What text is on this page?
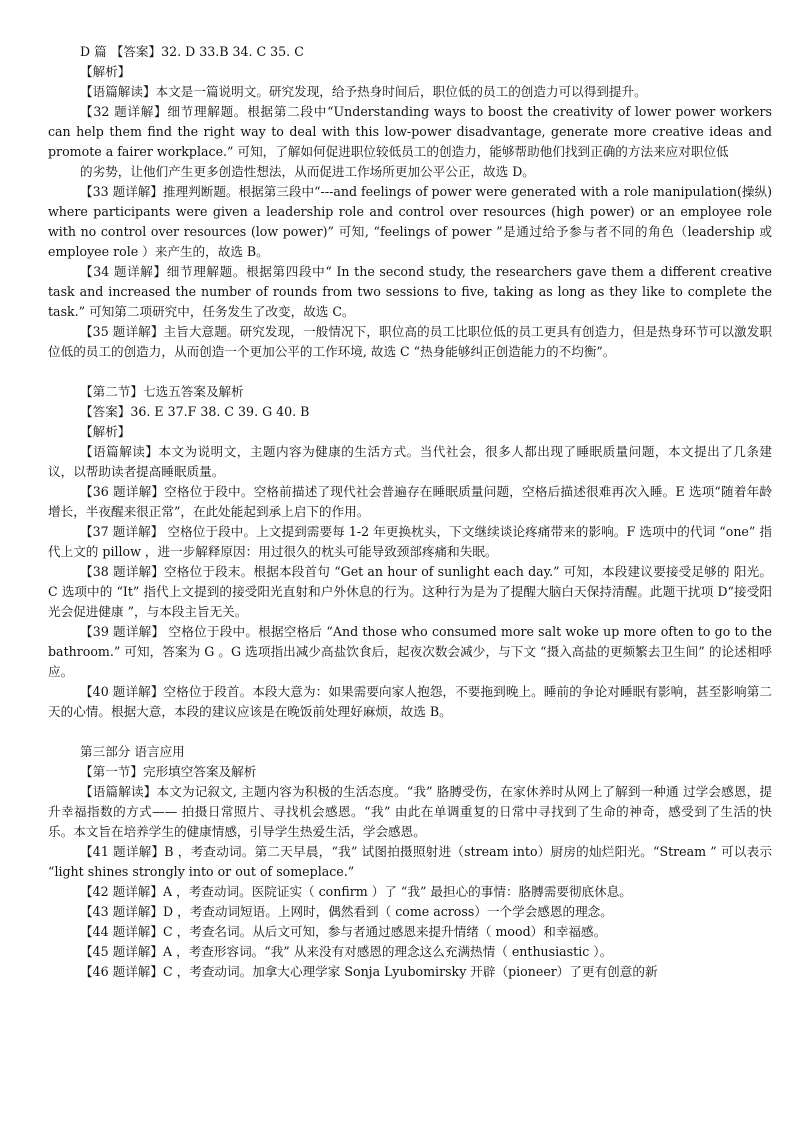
D 篇 【答案】32. D 33.B 34. C 35. C

【解析】

【语篇解读】本文是一篇说明文。研究发现，给予热身时间后，职位低的员工的创造力可以得到提升。

【32 题详解】细节理解题。根据第二段中“Understanding ways to boost the creativity of lower power workers can help them find the right way to deal with this low-power disadvantage, generate more creative ideas and promote a fairer workplace.” 可知，了解如何促进职位较低员工的创造力，能够帮助他们找到正确的方法来应对职位低

的劣势，让他们产生更多创造性想法，从而促进工作场所更加公平公正，故选 D。

【33 题详解】推理判断题。根据第三段中“---and feelings of power were generated with a role manipulation(操纵) where participants were given a leadership role and control over resources (high power) or an employee role with no control over resources (low power)” 可知, “feelings of power ”是通过给予参与者不同的角色（leadership 或 employee role ）来产生的，故选 B。

【34 题详解】细节理解题。根据第四段中“ In the second study, the researchers gave them a different creative task and increased the number of rounds from two sessions to five, taking as long as they like to complete the task.” 可知第二项研究中，任务发生了改变，故选 C。

【35 题详解】主旨大意题。研究发现，一般情况下，职位高的员工比职位低的员工更具有创造力，但是热身环节可以激发职位低的员工的创造力，从而创造一个更加公平的工作环境, 故选 C “热身能够纠正创造能力的不均衡”。

【第二节】七选五答案及解析

【答案】36. E 37.F 38. C 39. G 40. B

【解析】

【语篇解读】本文为说明文，主题内容为健康的生活方式。当代社会，很多人都出现了睡眠质量问题，本文提出了几条建议，以帮助读者提高睡眠质量。

【36 题详解】空格位于段中。空格前描述了现代社会普遍存在睡眠质量问题，空格后描述很难再次入睡。E 选项“随着年龄增长，半夜醒来很正常”，在此处能起到承上启下的作用。

【37 题详解】 空格位于段中。上文提到需要每 1-2 年更换枕头，下文继续谈论疼痛带来的影响。F 选项中的代词 “one” 指代上文的 pillow ，进一步解释原因：用过很久的枕头可能导致颈部疼痛和失眠。

【38 题详解】空格位于段末。根据本段首句 “Get an hour of sunlight each day.” 可知，本段建议要接受足够的 阳光。C 选项中的 “It” 指代上文提到的接受阳光直射和户外休息的行为。这种行为是为了提醒大脑白天保持清醒。此题干扰项 D“接受阳光会促进健康 ”，与本段主旨无关。

【39 题详解】 空格位于段中。根据空格后 “And those who consumed more salt woke up more often to go to the bathroom.” 可知，答案为 G 。G 选项指出减少高盐饮食后，起夜次数会减少，与下文 “摄入高盐的更频繁去卫生间” 的论述相呼应。

【40 题详解】空格位于段首。本段大意为：如果需要向家人抱怨，不要拖到晚上。睡前的争论对睡眠有影响，甚至影响第二天的心情。根据大意，本段的建议应该是在晚饭前处理好麻烦，故选 B。

第三部分 语言应用

【第一节】完形填空答案及解析

【语篇解读】本文为记叙文, 主题内容为积极的生活态度。“我” 胳膊受伤，在家休养时从网上了解到一种通 过学会感恩，提升幸福指数的方式—— 拍摄日常照片、寻找机会感恩。“我” 由此在单调重复的日常中寻找到了生命的神奇，感受到了生活的快乐。本文旨在培养学生的健康情感，引导学生热爱生活，学会感恩。

【41 题详解】B ，考查动词。第二天早晨，“我” 试图拍摄照射进（stream into）厨房的灿烂阳光。“Stream ” 可以表示 “light shines strongly into or out of someplace.”

【42 题详解】A ，考查动词。医院证实（ confirm ）了 “我” 最担心的事情：胳膊需要彻底休息。

【43 题详解】D ，考查动词短语。上网时，偶然看到（ come across）一个学会感恩的理念。

【44 题详解】C ，考查名词。从后文可知，参与者通过感恩来提升情绪（ mood）和幸福感。

【45 题详解】A ，考查形容词。“我” 从来没有对感恩的理念这么充满热情（ enthusiastic ）。

【46 题详解】C ，考查动词。加拿大心理学家 Sonja Lyubomirsky 开辟（pioneer）了更有创意的新
